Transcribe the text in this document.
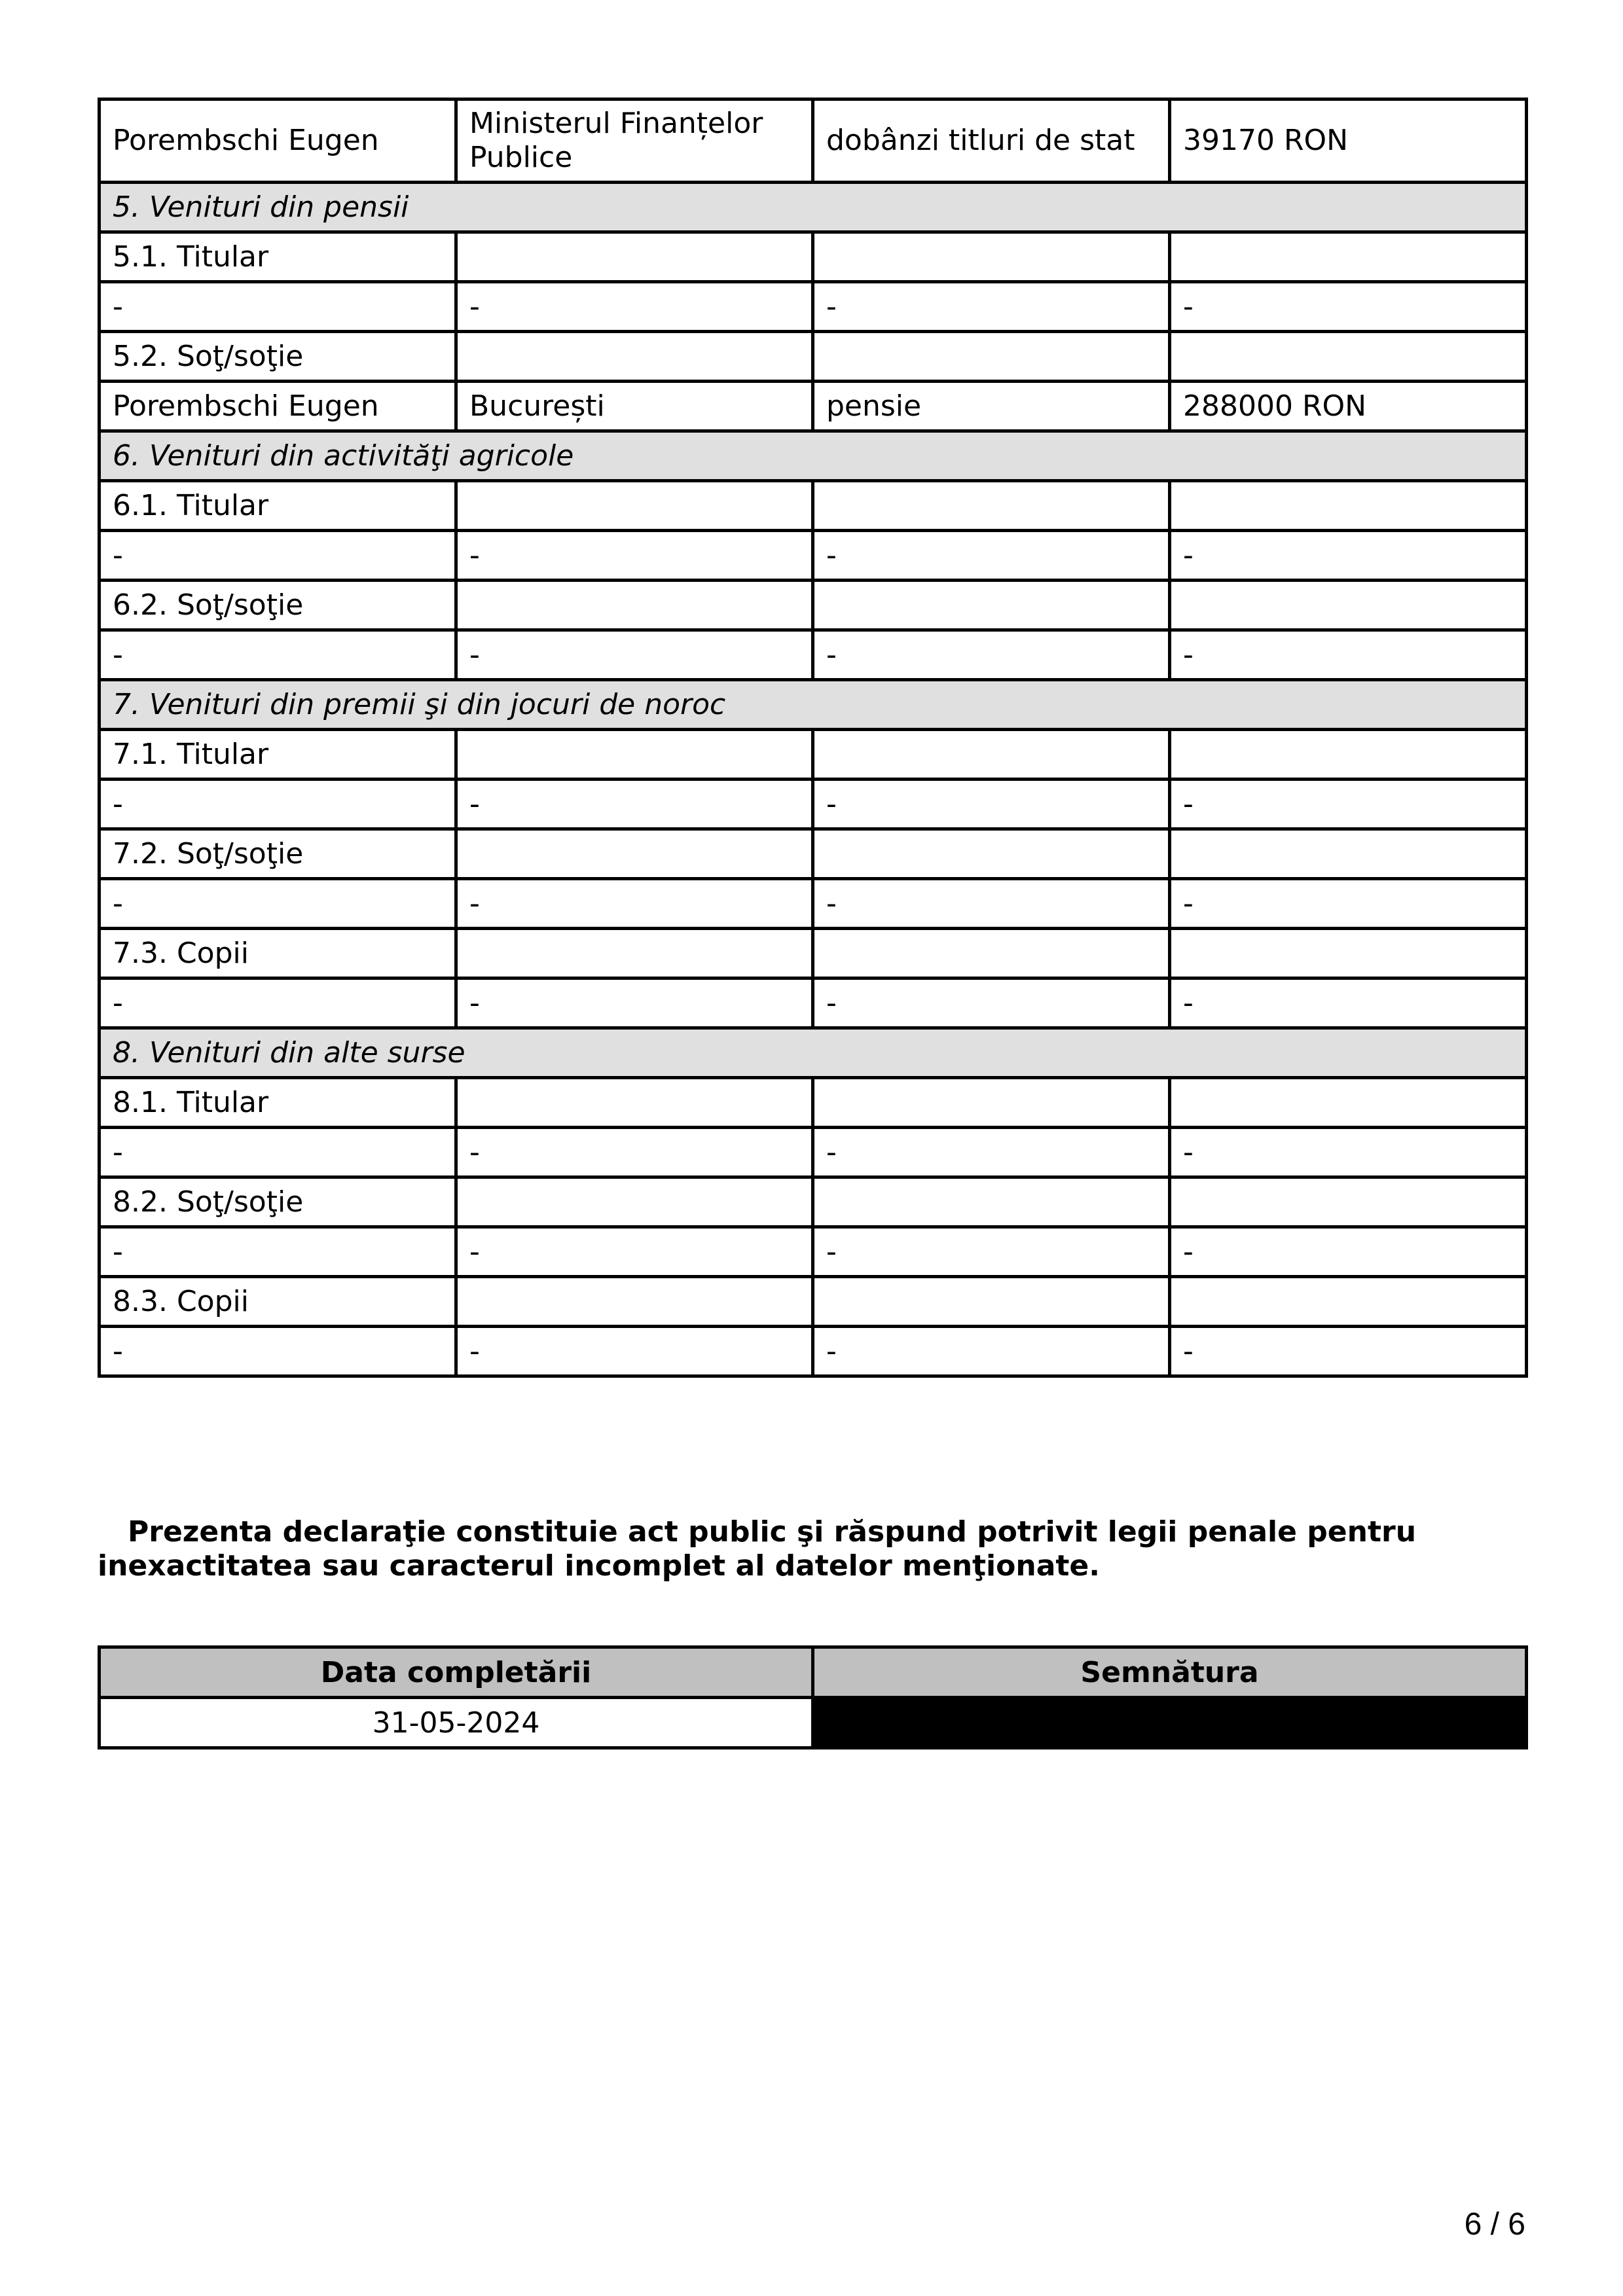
Porembschi Eugen	Ministerul Finanțelor Publice	dobânzi titluri de stat	39170 RON
5. Venituri din pensii			
5.1. Titular			
-	-	-	-
5.2. Soţ/soţie			
Porembschi Eugen	București	pensie	288000 RON
6. Venituri din activităţi agricole			
6.1. Titular			
-	-	-	-
6.2. Soţ/soţie			
-	-	-	-
7. Venituri din premii şi din jocuri de noroc			
7.1. Titular			
-	-	-	-
7.2. Soţ/soţie			
-	-	-	-
7.3. Copii			
-	-	-	-
8. Venituri din alte surse			
8.1. Titular			
-	-	-	-
8.2. Soţ/soţie			
-	-	-	-
8.3. Copii			
-	-	-	-

Prezenta declaraţie constituie act public şi răspund potrivit legii penale pentru inexactitatea sau caracterul incomplet al datelor menţionate.

Data completării	Semnătura
31-05-2024	
6 / 6
